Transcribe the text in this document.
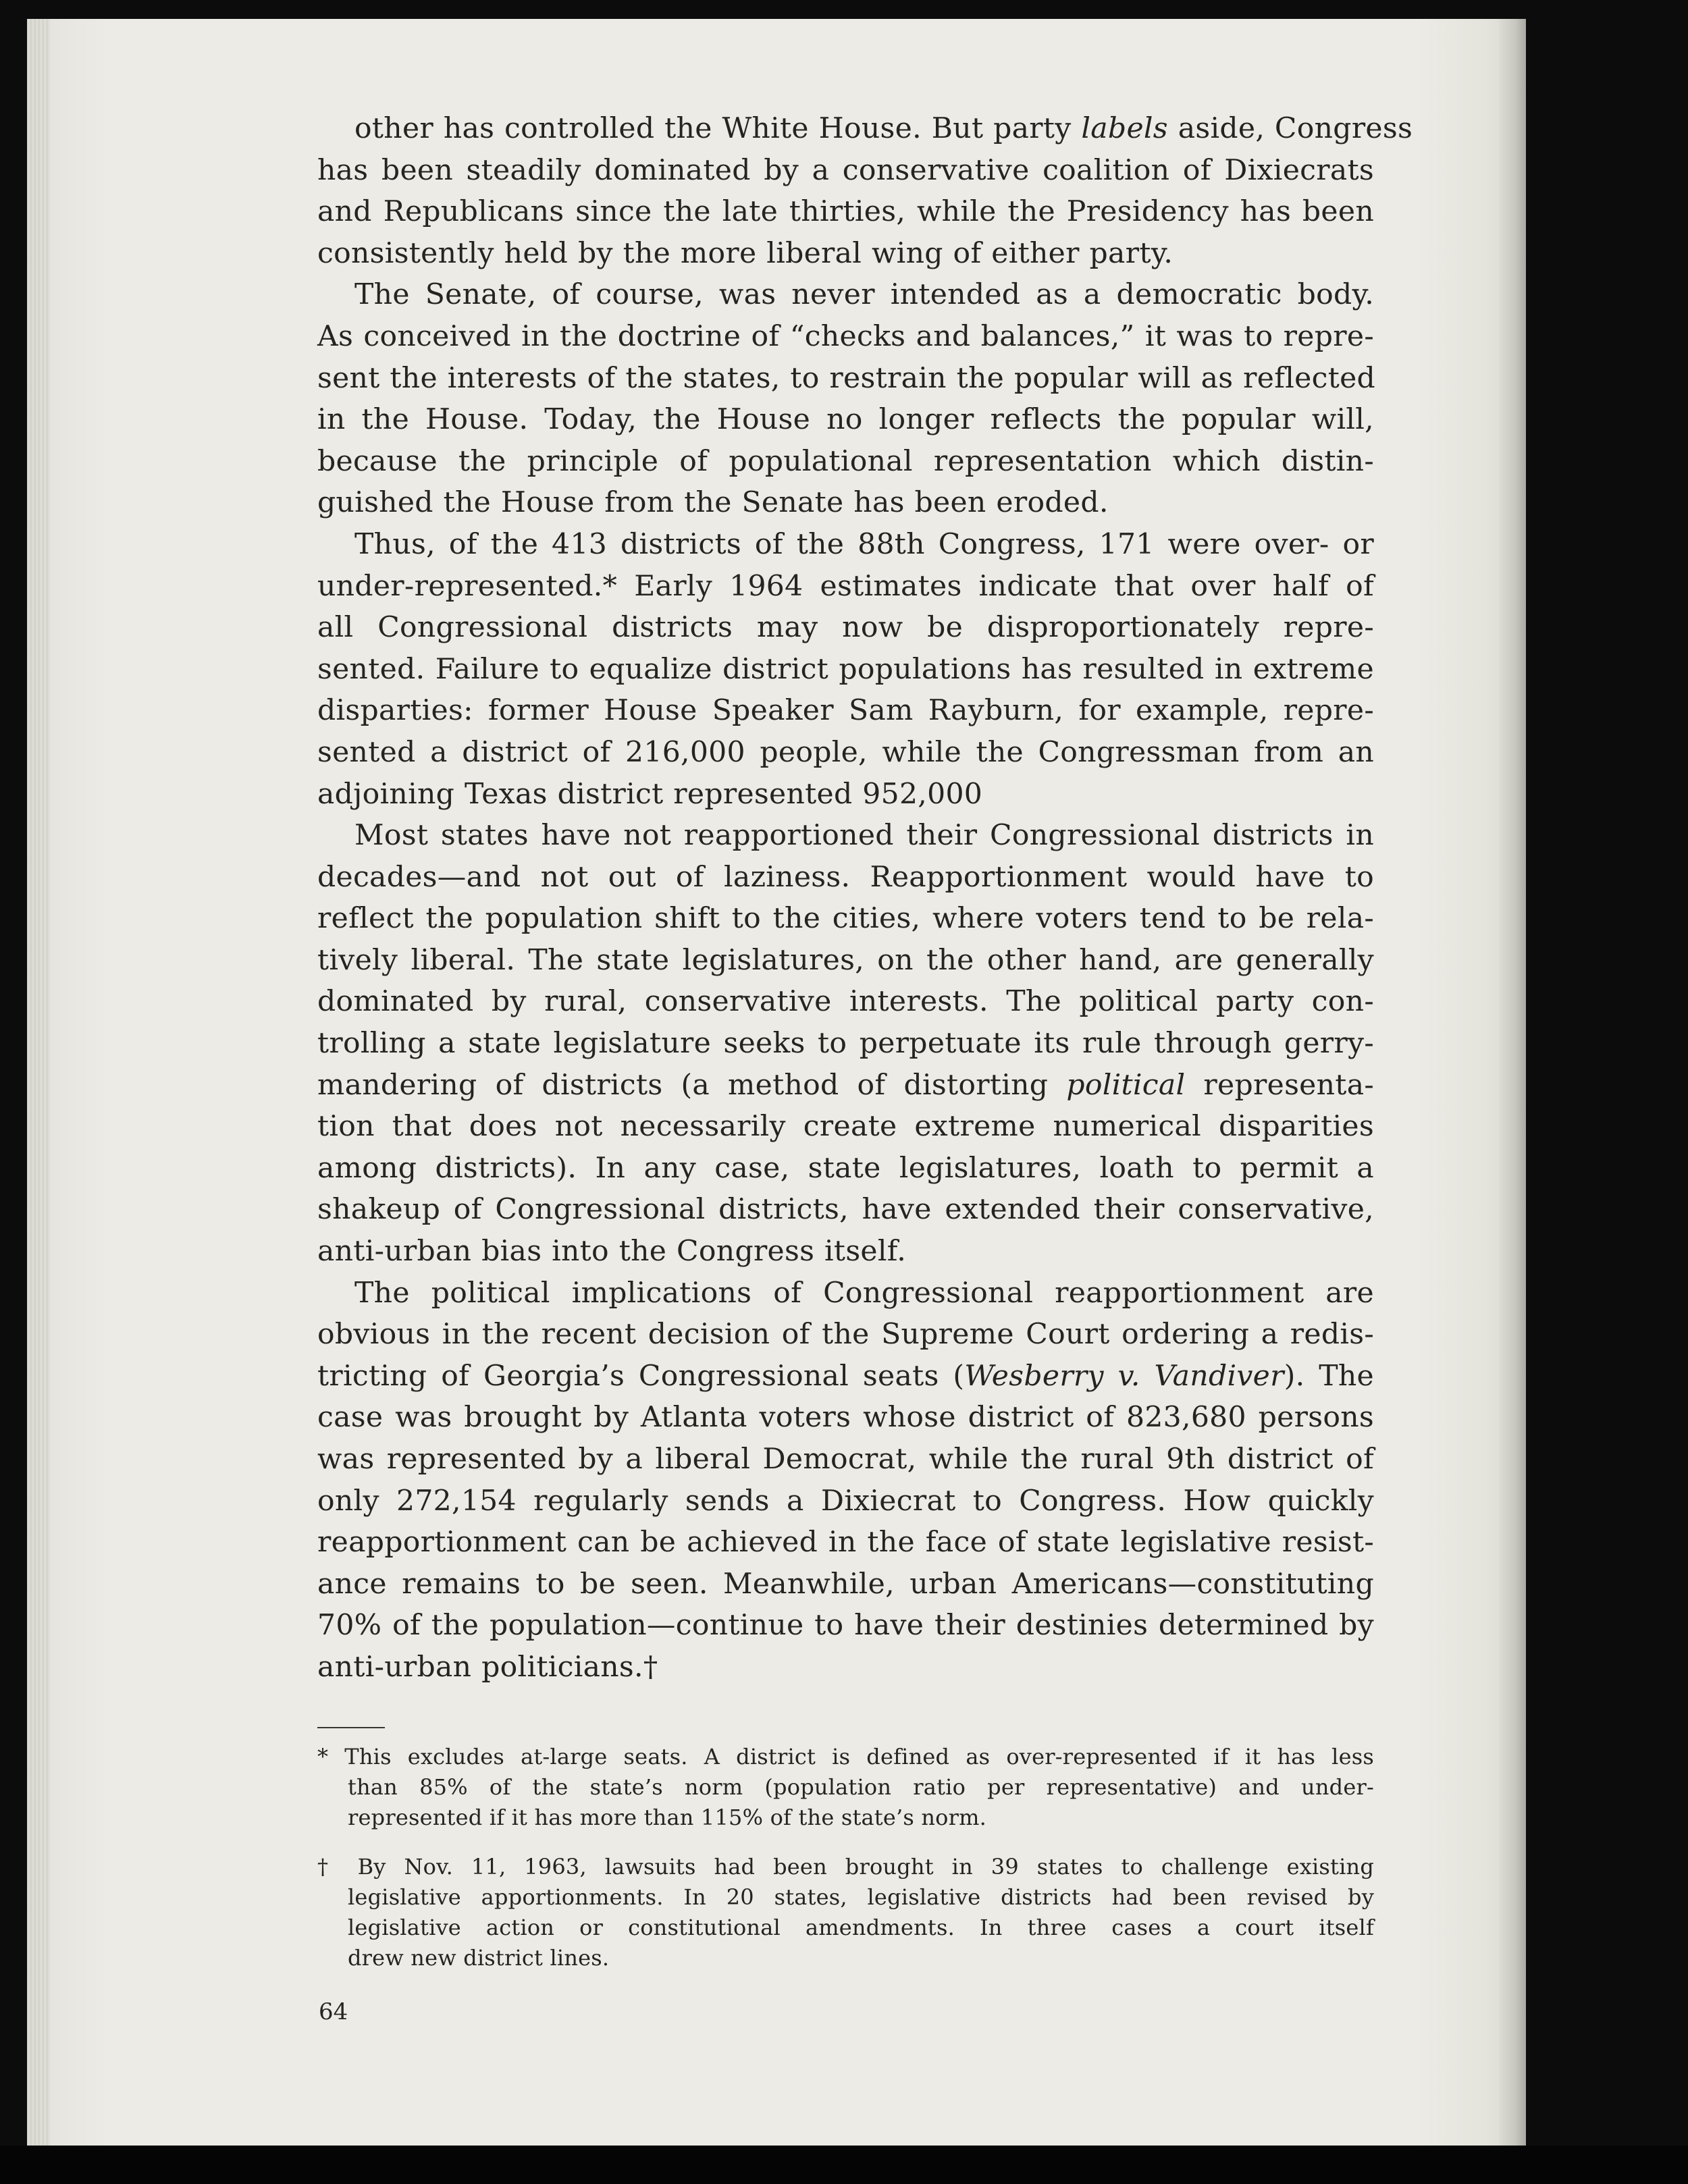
other has controlled the White House. But party labels aside, Congress
has been steadily dominated by a conservative coalition of Dixiecrats
and Republicans since the late thirties, while the Presidency has been
consistently held by the more liberal wing of either party.
The Senate, of course, was never intended as a democratic body.
As conceived in the doctrine of “checks and balances,” it was to repre-
sent the interests of the states, to restrain the popular will as reflected
in the House. Today, the House no longer reflects the popular will,
because the principle of populational representation which distin-
guished the House from the Senate has been eroded.
Thus, of the 413 districts of the 88th Congress, 171 were over- or
under-represented.* Early 1964 estimates indicate that over half of
all Congressional districts may now be disproportionately repre-
sented. Failure to equalize district populations has resulted in extreme
disparties: former House Speaker Sam Rayburn, for example, repre-
sented a district of 216,000 people, while the Congressman from an
adjoining Texas district represented 952,000
Most states have not reapportioned their Congressional districts in
decades—and not out of laziness. Reapportionment would have to
reflect the population shift to the cities, where voters tend to be rela-
tively liberal. The state legislatures, on the other hand, are generally
dominated by rural, conservative interests. The political party con-
trolling a state legislature seeks to perpetuate its rule through gerry-
mandering of districts (a method of distorting political representa-
tion that does not necessarily create extreme numerical disparities
among districts). In any case, state legislatures, loath to permit a
shakeup of Congressional districts, have extended their conservative,
anti-urban bias into the Congress itself.
The political implications of Congressional reapportionment are
obvious in the recent decision of the Supreme Court ordering a redis-
tricting of Georgia’s Congressional seats (Wesberry v. Vandiver). The
case was brought by Atlanta voters whose district of 823,680 persons
was represented by a liberal Democrat, while the rural 9th district of
only 272,154 regularly sends a Dixiecrat to Congress. How quickly
reapportionment can be achieved in the face of state legislative resist-
ance remains to be seen. Meanwhile, urban Americans—constituting
70% of the population—continue to have their destinies determined by
anti-urban politicians.†
* This excludes at-large seats. A district is defined as over-represented if it has less
than 85% of the state’s norm (population ratio per representative) and under-
represented if it has more than 115% of the state’s norm.
† By Nov. 11, 1963, lawsuits had been brought in 39 states to challenge existing
legislative apportionments. In 20 states, legislative districts had been revised by
legislative action or constitutional amendments. In three cases a court itself
drew new district lines.
64
